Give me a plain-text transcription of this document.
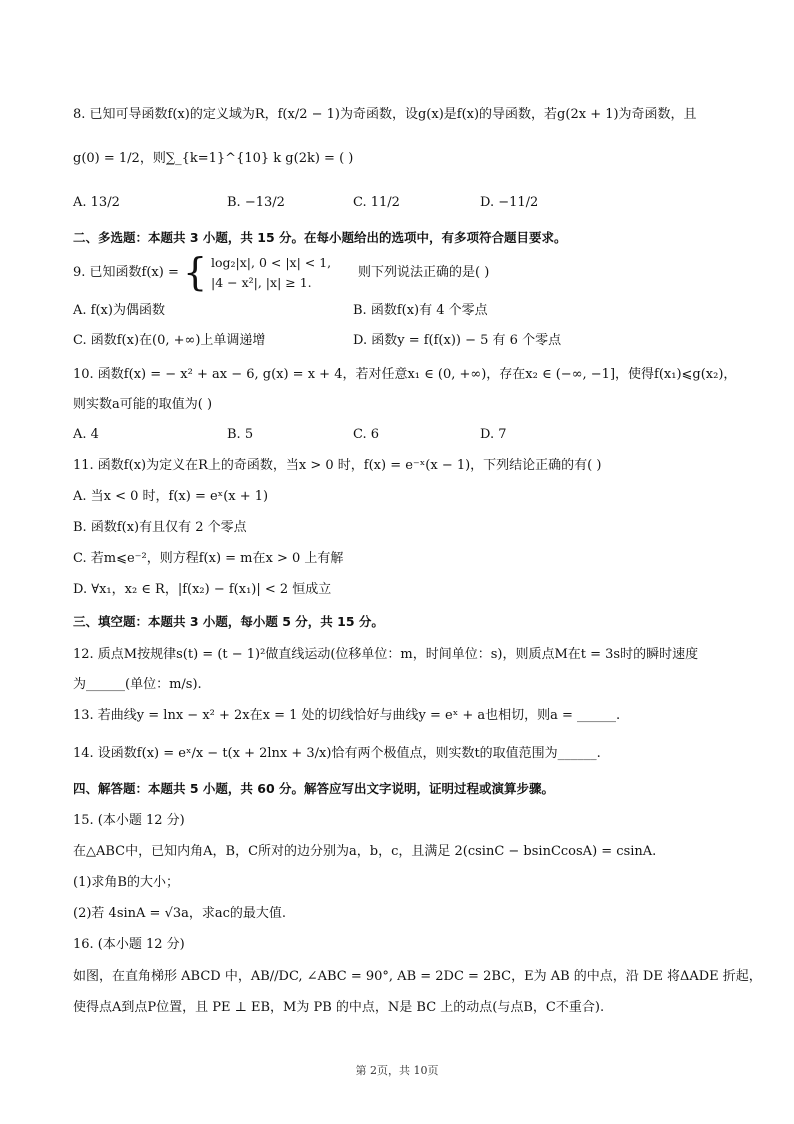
8. 已知可导函数f(x)的定义域为R，f(x/2 − 1)为奇函数，设g(x)是f(x)的导函数，若g(2x + 1)为奇函数，且
g(0) = 1/2，则∑_{k=1}^{10} k g(2k) = ( )
A. 13/2	B. −13/2	C. 11/2	D. −11/2
二、多选题：本题共 3 小题，共 15 分。在每小题给出的选项中，有多项符合题目要求。
9. 已知函数f(x) = { log₂|x|, 0 < |x| < 1,
|4 − x²|, |x| ≥ 1.
则下列说法正确的是( )
A. f(x)为偶函数	B. 函数f(x)有 4 个零点
C. 函数f(x)在(0, +∞)上单调递增	D. 函数y = f(f(x)) − 5 有 6 个零点
10. 函数f(x) = − x² + ax − 6, g(x) = x + 4，若对任意x₁ ∈ (0, +∞)，存在x₂ ∈ (−∞, −1]，使得f(x₁)⩽g(x₂)，
则实数a可能的取值为( )
A. 4	B. 5	C. 6	D. 7
11. 函数f(x)为定义在R上的奇函数，当x > 0 时，f(x) = e⁻ˣ(x − 1)，下列结论正确的有( )
A. 当x < 0 时，f(x) = eˣ(x + 1)
B. 函数f(x)有且仅有 2 个零点
C. 若m⩽e⁻²，则方程f(x) = m在x > 0 上有解
D. ∀x₁，x₂ ∈ R，|f(x₂) − f(x₁)| < 2 恒成立
三、填空题：本题共 3 小题，每小题 5 分，共 15 分。
12. 质点M按规律s(t) = (t − 1)²做直线运动(位移单位：m，时间单位：s)，则质点M在t = 3s时的瞬时速度
为______(单位：m/s).
13. 若曲线y = lnx − x² + 2x在x = 1 处的切线恰好与曲线y = eˣ + a也相切，则a = ______.
14. 设函数f(x) = eˣ/x − t(x + 2lnx + 3/x)恰有两个极值点，则实数t的取值范围为______.
四、解答题：本题共 5 小题，共 60 分。解答应写出文字说明，证明过程或演算步骤。
15. (本小题 12 分)
在△ABC中，已知内角A，B，C所对的边分别为a，b，c，且满足 2(csinC − bsinCcosA) = csinA.
(1)求角B的大小；
(2)若 4sinA = √3a，求ac的最大值.
16. (本小题 12 分)
如图，在直角梯形 ABCD 中，AB//DC, ∠ABC = 90°, AB = 2DC = 2BC，E为 AB 的中点，沿 DE 将ΔADE 折起，
使得点A到点P位置，且 PE ⊥ EB，M为 PB 的中点，N是 BC 上的动点(与点B，C不重合).
第 2页，共 10页
